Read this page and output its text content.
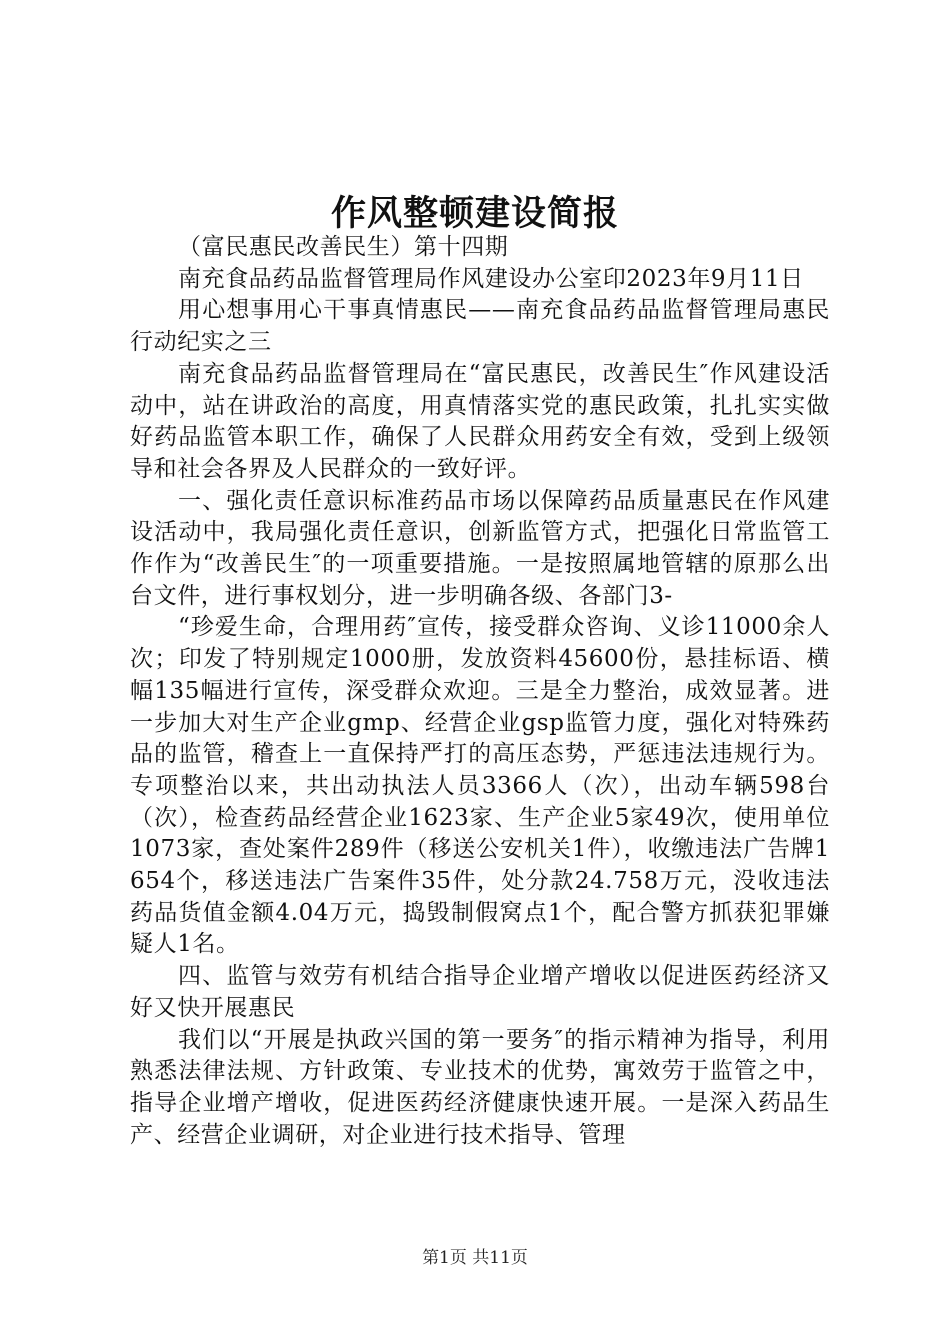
作风整顿建设简报

（富民惠民改善民生）第十四期

南充食品药品监督管理局作风建设办公室印2023年9月11日

用心想事用心干事真情惠民——南充食品药品监督管理局惠民行动纪实之三

南充食品药品监督管理局在“富民惠民，改善民生″作风建设活动中，站在讲政治的高度，用真情落实党的惠民政策，扎扎实实做好药品监管本职工作，确保了人民群众用药安全有效，受到上级领导和社会各界及人民群众的一致好评。

一、强化责任意识标准药品市场以保障药品质量惠民在作风建设活动中，我局强化责任意识，创新监管方式，把强化日常监管工作作为“改善民生″的一项重要措施。一是按照属地管辖的原那么出台文件，进行事权划分，进一步明确各级、各部门3-

“珍爱生命，合理用药″宣传，接受群众咨询、义诊11000余人次；印发了特别规定1000册，发放资料45600份，悬挂标语、横幅135幅进行宣传，深受群众欢迎。三是全力整治，成效显著。进一步加大对生产企业gmp、经营企业gsp监管力度，强化对特殊药品的监管，稽查上一直保持严打的高压态势，严惩违法违规行为。专项整治以来，共出动执法人员3366人（次），出动车辆598台（次），检查药品经营企业1623家、生产企业5家49次，使用单位1073家，查处案件289件（移送公安机关1件），收缴违法广告牌1654个，移送违法广告案件35件，处分款24.758万元，没收违法药品货值金额4.04万元，捣毁制假窝点1个，配合警方抓获犯罪嫌疑人1名。

四、监管与效劳有机结合指导企业增产增收以促进医药经济又好又快开展惠民

我们以“开展是执政兴国的第一要务″的指示精神为指导，利用熟悉法律法规、方针政策、专业技术的优势，寓效劳于监管之中，指导企业增产增收，促进医药经济健康快速开展。一是深入药品生产、经营企业调研，对企业进行技术指导、管理

第1页 共11页
